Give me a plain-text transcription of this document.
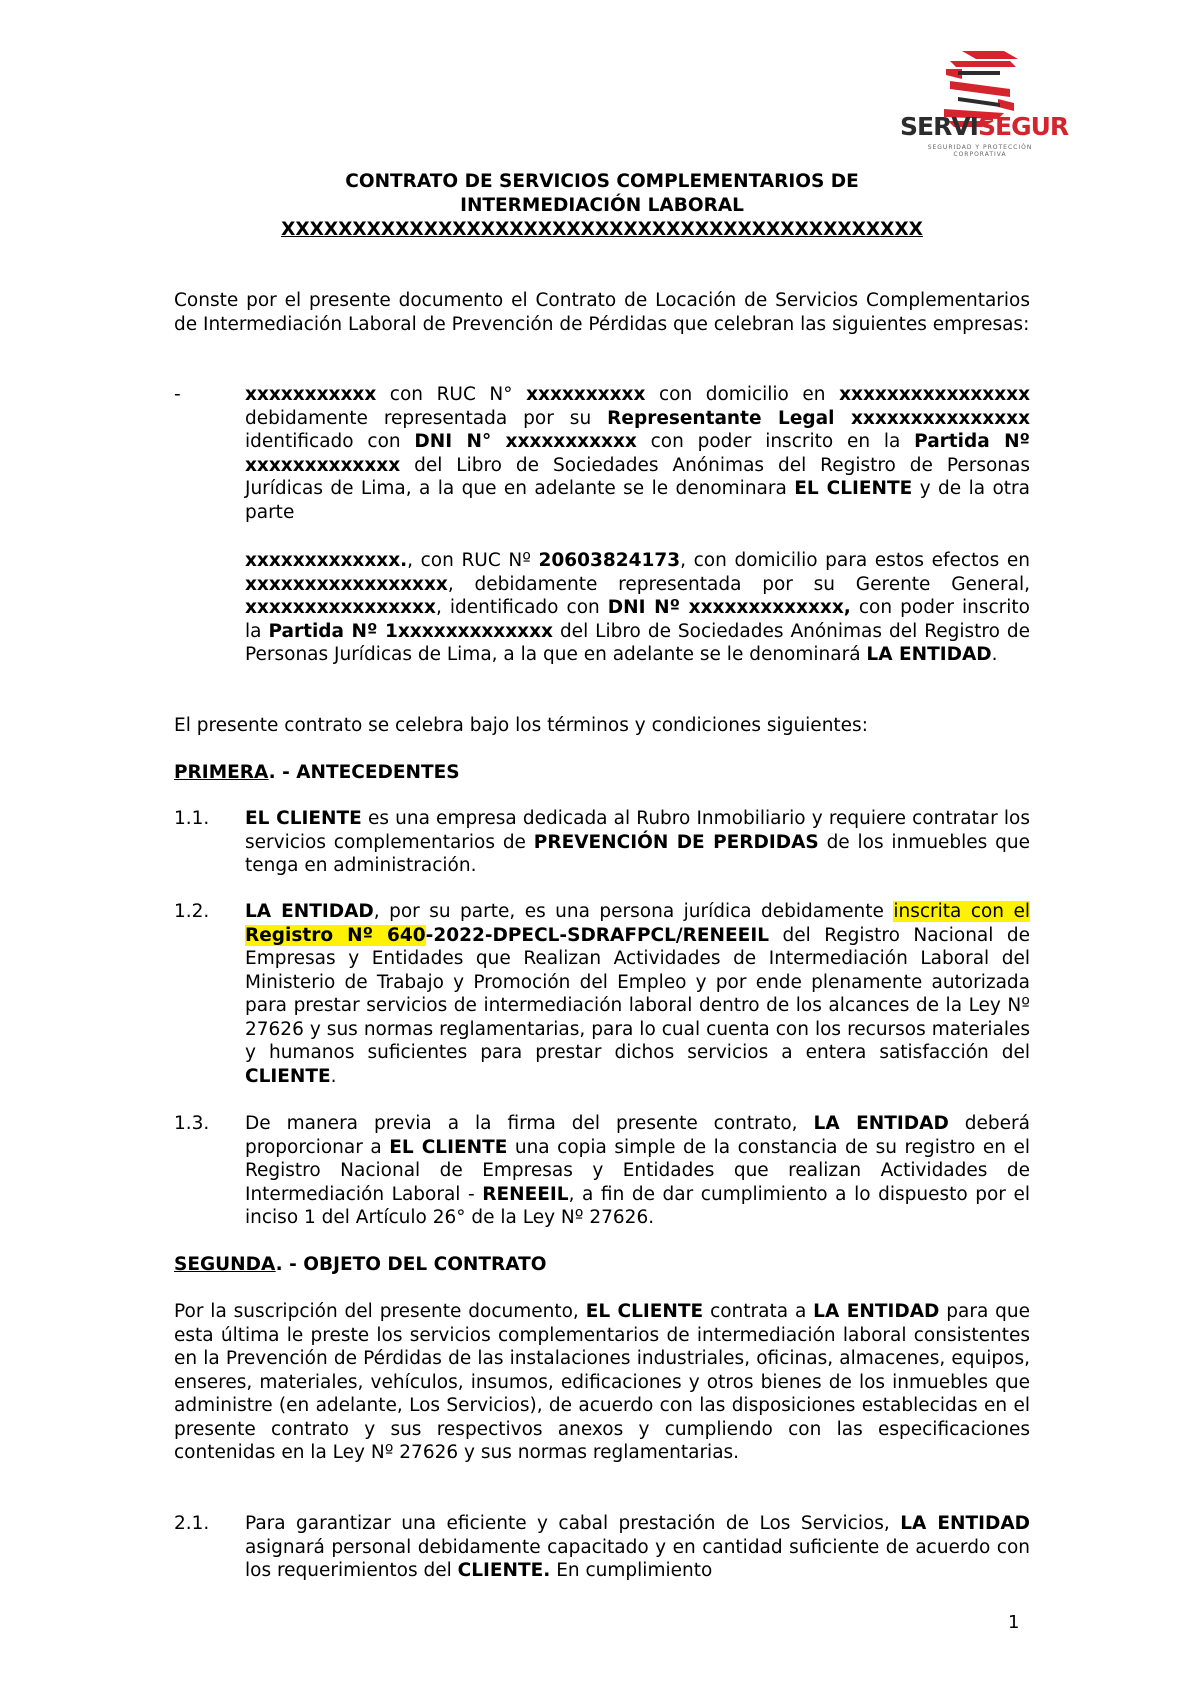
SERVISEGUR
SEGURIDAD Y PROTECCIÓN CORPORATIVA
CONTRATO DE SERVICIOS COMPLEMENTARIOS DE
INTERMEDIACIÓN LABORAL
XXXXXXXXXXXXXXXXXXXXXXXXXXXXXXXXXXXXXXXXXXXXX
Conste por el presente documento el Contrato de Locación de Servicios Complementarios de Intermediación Laboral de Prevención de Pérdidas que celebran las siguientes empresas:
-	xxxxxxxxxxx con RUC N° xxxxxxxxxx con domicilio en xxxxxxxxxxxxxxxx debidamente representada por su Representante Legal xxxxxxxxxxxxxxx identificado con DNI N° xxxxxxxxxxx con poder inscrito en la Partida Nº xxxxxxxxxxxxx del Libro de Sociedades Anónimas del Registro de Personas Jurídicas de Lima, a la que en adelante se le denominara EL CLIENTE y de la otra parte
xxxxxxxxxxxxx., con RUC Nº 20603824173, con domicilio para estos efectos en xxxxxxxxxxxxxxxxx, debidamente representada por su Gerente General, xxxxxxxxxxxxxxxx, identificado con DNI Nº xxxxxxxxxxxxx, con poder inscrito la Partida Nº 1xxxxxxxxxxxxx del Libro de Sociedades Anónimas del Registro de Personas Jurídicas de Lima, a la que en adelante se le denominará LA ENTIDAD.
El presente contrato se celebra bajo los términos y condiciones siguientes:
PRIMERA. - ANTECEDENTES
1.1. EL CLIENTE es una empresa dedicada al Rubro Inmobiliario y requiere contratar los servicios complementarios de PREVENCIÓN DE PERDIDAS de los inmuebles que tenga en administración.
1.2. LA ENTIDAD, por su parte, es una persona jurídica debidamente inscrita con el Registro Nº 640-2022-DPECL-SDRAFPCL/RENEEIL del Registro Nacional de Empresas y Entidades que Realizan Actividades de Intermediación Laboral del Ministerio de Trabajo y Promoción del Empleo y por ende plenamente autorizada para prestar servicios de intermediación laboral dentro de los alcances de la Ley Nº 27626 y sus normas reglamentarias, para lo cual cuenta con los recursos materiales y humanos suficientes para prestar dichos servicios a entera satisfacción del CLIENTE.
1.3. De manera previa a la firma del presente contrato, LA ENTIDAD deberá proporcionar a EL CLIENTE una copia simple de la constancia de su registro en el Registro Nacional de Empresas y Entidades que realizan Actividades de Intermediación Laboral - RENEEIL, a fin de dar cumplimiento a lo dispuesto por el inciso 1 del Artículo 26° de la Ley Nº 27626.
SEGUNDA. - OBJETO DEL CONTRATO
Por la suscripción del presente documento, EL CLIENTE contrata a LA ENTIDAD para que esta última le preste los servicios complementarios de intermediación laboral consistentes en la Prevención de Pérdidas de las instalaciones industriales, oficinas, almacenes, equipos, enseres, materiales, vehículos, insumos, edificaciones y otros bienes de los inmuebles que administre (en adelante, Los Servicios), de acuerdo con las disposiciones establecidas en el presente contrato y sus respectivos anexos y cumpliendo con las especificaciones contenidas en la Ley Nº 27626 y sus normas reglamentarias.
2.1. Para garantizar una eficiente y cabal prestación de Los Servicios, LA ENTIDAD asignará personal debidamente capacitado y en cantidad suficiente de acuerdo con los requerimientos del CLIENTE. En cumplimiento
1
